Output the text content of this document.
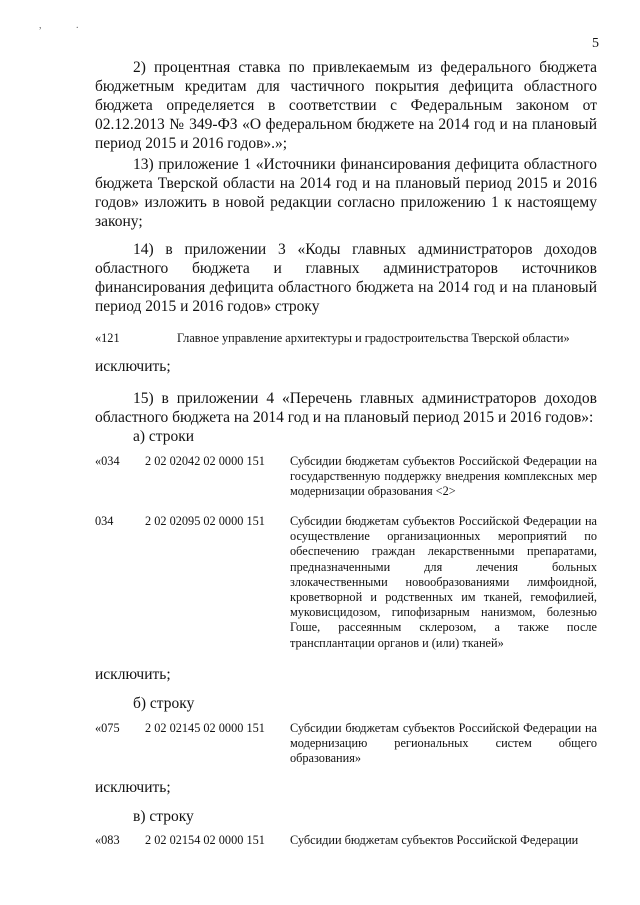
,	.
5

2) процентная ставка по привлекаемым из федерального бюджета бюджетным кредитам для частичного покрытия дефицита областного бюджета определяется в соответствии с Федеральным законом от 02.12.2013 № 349-ФЗ «О федеральном бюджете на 2014 год и на плановый период 2015 и 2016 годов».»;

13) приложение 1 «Источники финансирования дефицита областного бюджета Тверской области на 2014 год и на плановый период 2015 и 2016 годов» изложить в новой редакции согласно приложению 1 к настоящему закону;

14) в приложении 3 «Коды главных администраторов доходов областного бюджета и главных администраторов источников финансирования дефицита областного бюджета на 2014 год и на плановый период 2015 и 2016 годов» строку

«121	Главное управление архитектуры и градостроительства Тверской области»

исключить;

15) в приложении 4 «Перечень главных администраторов доходов областного бюджета на 2014 год и на плановый период 2015 и 2016 годов»:

а) строки

«034 2 02 02042 02 0000 151 Субсидии бюджетам субъектов Российской Федерации на государственную поддержку внедрения комплексных мер модернизации образования <2>
034	2 02 02095 02 0000 151 Субсидии бюджетам субъектов Российской Федерации на осуществление организационных мероприятий по обеспечению граждан лекарственными препаратами, предназначенными для лечения больных злокачественными новообразованиями лимфоидной, кроветворной и родственных им тканей, гемофилией, муковисцидозом, гипофизарным нанизмом, болезнью Гоше, рассеянным склерозом, а также после трансплантации органов и (или) тканей»

исключить;

б) строку

«075 2 02 02145 02 0000 151 Субсидии бюджетам субъектов Российской Федерации на модернизацию региональных систем общего образования»

исключить;

в) строку

«083 2 02 02154 02 0000 151 Субсидии бюджетам субъектов Российской Федерации
